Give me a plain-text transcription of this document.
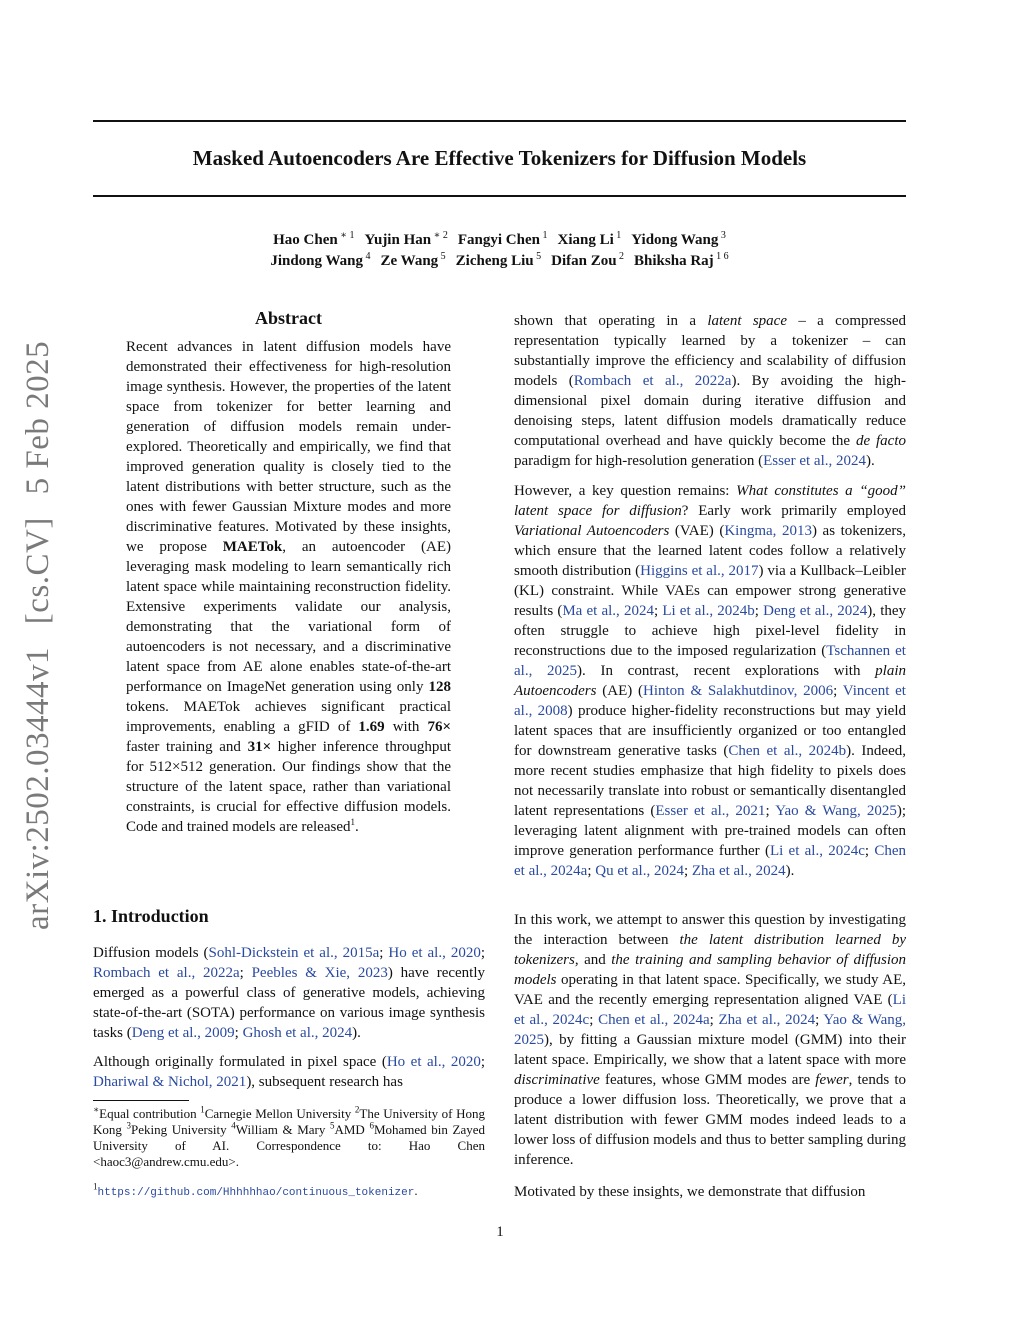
Masked Autoencoders Are Effective Tokenizers for Diffusion Models
Hao Chen $^{∗ 1}$ Yujin Han $^{∗ 2}$ Fangyi Chen $^1$ Xiang Li $^1$ Yidong Wang $^3$
Jindong Wang $^4$ Ze Wang $^5$ Zicheng Liu $^5$ Difan Zou $^2$ Bhiksha Raj $^{1 6}$
arXiv:2502.03444v1 [cs.CV] 5 Feb 2025
Abstract

Recent advances in latent diffusion models have demonstrated their effectiveness for high-resolution image synthesis. However, the properties of the latent space from tokenizer for better learning and generation of diffusion models remain under-explored. Theoretically and empirically, we find that improved generation quality is closely tied to the latent distributions with better structure, such as the ones with fewer Gaussian Mixture modes and more discriminative features. Motivated by these insights, we propose MAETok, an autoencoder (AE) leveraging mask modeling to learn semantically rich latent space while maintaining reconstruction fidelity. Extensive experiments validate our analysis, demonstrating that the variational form of autoencoders is not necessary, and a discriminative latent space from AE alone enables state-of-the-art performance on ImageNet generation using only 128 tokens. MAETok achieves significant practical improvements, enabling a gFID of 1.69 with 76× faster training and 31× higher inference throughput for 512×512 generation. Our findings show that the structure of the latent space, rather than variational constraints, is crucial for effective diffusion models. Code and trained models are released$^1$.

1. Introduction

Diffusion models (Sohl-Dickstein et al., 2015a; Ho et al., 2020; Rombach et al., 2022a; Peebles & Xie, 2023) have recently emerged as a powerful class of generative models, achieving state-of-the-art (SOTA) performance on various image synthesis tasks (Deng et al., 2009; Ghosh et al., 2024).

Although originally formulated in pixel space (Ho et al., 2020; Dhariwal & Nichol, 2021), subsequent research has

∗Equal contribution $^1$Carnegie Mellon University $^2$The University of Hong Kong $^3$Peking University $^4$William & Mary $^5$AMD $^6$Mohamed bin Zayed University of AI. Correspondence to: Hao Chen <haoc3@andrew.cmu.edu>.

$^1$https://github.com/Hhhhhhao/continuous_tokenizer.

shown that operating in a latent space – a compressed representation typically learned by a tokenizer – can substantially improve the efficiency and scalability of diffusion models (Rombach et al., 2022a). By avoiding the high-dimensional pixel domain during iterative diffusion and denoising steps, latent diffusion models dramatically reduce computational overhead and have quickly become the de facto paradigm for high-resolution generation (Esser et al., 2024).

However, a key question remains: What constitutes a “good” latent space for diffusion? Early work primarily employed Variational Autoencoders (VAE) (Kingma, 2013) as tokenizers, which ensure that the learned latent codes follow a relatively smooth distribution (Higgins et al., 2017) via a Kullback–Leibler (KL) constraint. While VAEs can empower strong generative results (Ma et al., 2024; Li et al., 2024b; Deng et al., 2024), they often struggle to achieve high pixel-level fidelity in reconstructions due to the imposed regularization (Tschannen et al., 2025). In contrast, recent explorations with plain Autoencoders (AE) (Hinton & Salakhutdinov, 2006; Vincent et al., 2008) produce higher-fidelity reconstructions but may yield latent spaces that are insufficiently organized or too entangled for downstream generative tasks (Chen et al., 2024b). Indeed, more recent studies emphasize that high fidelity to pixels does not necessarily translate into robust or semantically disentangled latent representations (Esser et al., 2021; Yao & Wang, 2025); leveraging latent alignment with pre-trained models can often improve generation performance further (Li et al., 2024c; Chen et al., 2024a; Qu et al., 2024; Zha et al., 2024).

In this work, we attempt to answer this question by investigating the interaction between the latent distribution learned by tokenizers, and the training and sampling behavior of diffusion models operating in that latent space. Specifically, we study AE, VAE and the recently emerging representation aligned VAE (Li et al., 2024c; Chen et al., 2024a; Zha et al., 2024; Yao & Wang, 2025), by fitting a Gaussian mixture model (GMM) into their latent space. Empirically, we show that a latent space with more discriminative features, whose GMM modes are fewer, tends to produce a lower diffusion loss. Theoretically, we prove that a latent distribution with fewer GMM modes indeed leads to a lower loss of diffusion models and thus to better sampling during inference.

Motivated by these insights, we demonstrate that diffusion

1
